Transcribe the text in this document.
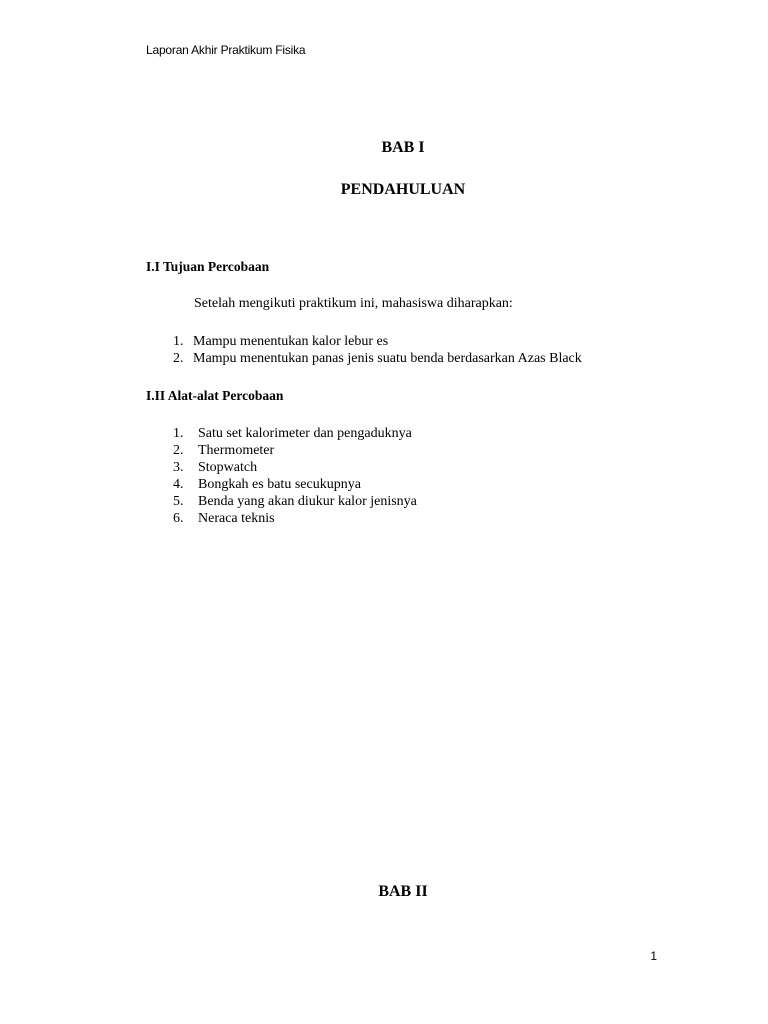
Laporan Akhir Praktikum Fisika
BAB I
PENDAHULUAN
I.I Tujuan Percobaan
Setelah mengikuti praktikum ini, mahasiswa diharapkan:
1. Mampu menentukan kalor lebur es
2. Mampu menentukan panas jenis suatu benda berdasarkan Azas Black
I.II Alat-alat Percobaan
1. Satu set kalorimeter dan pengaduknya
2. Thermometer
3. Stopwatch
4. Bongkah es batu secukupnya
5. Benda yang akan diukur kalor jenisnya
6. Neraca teknis
BAB II
1
